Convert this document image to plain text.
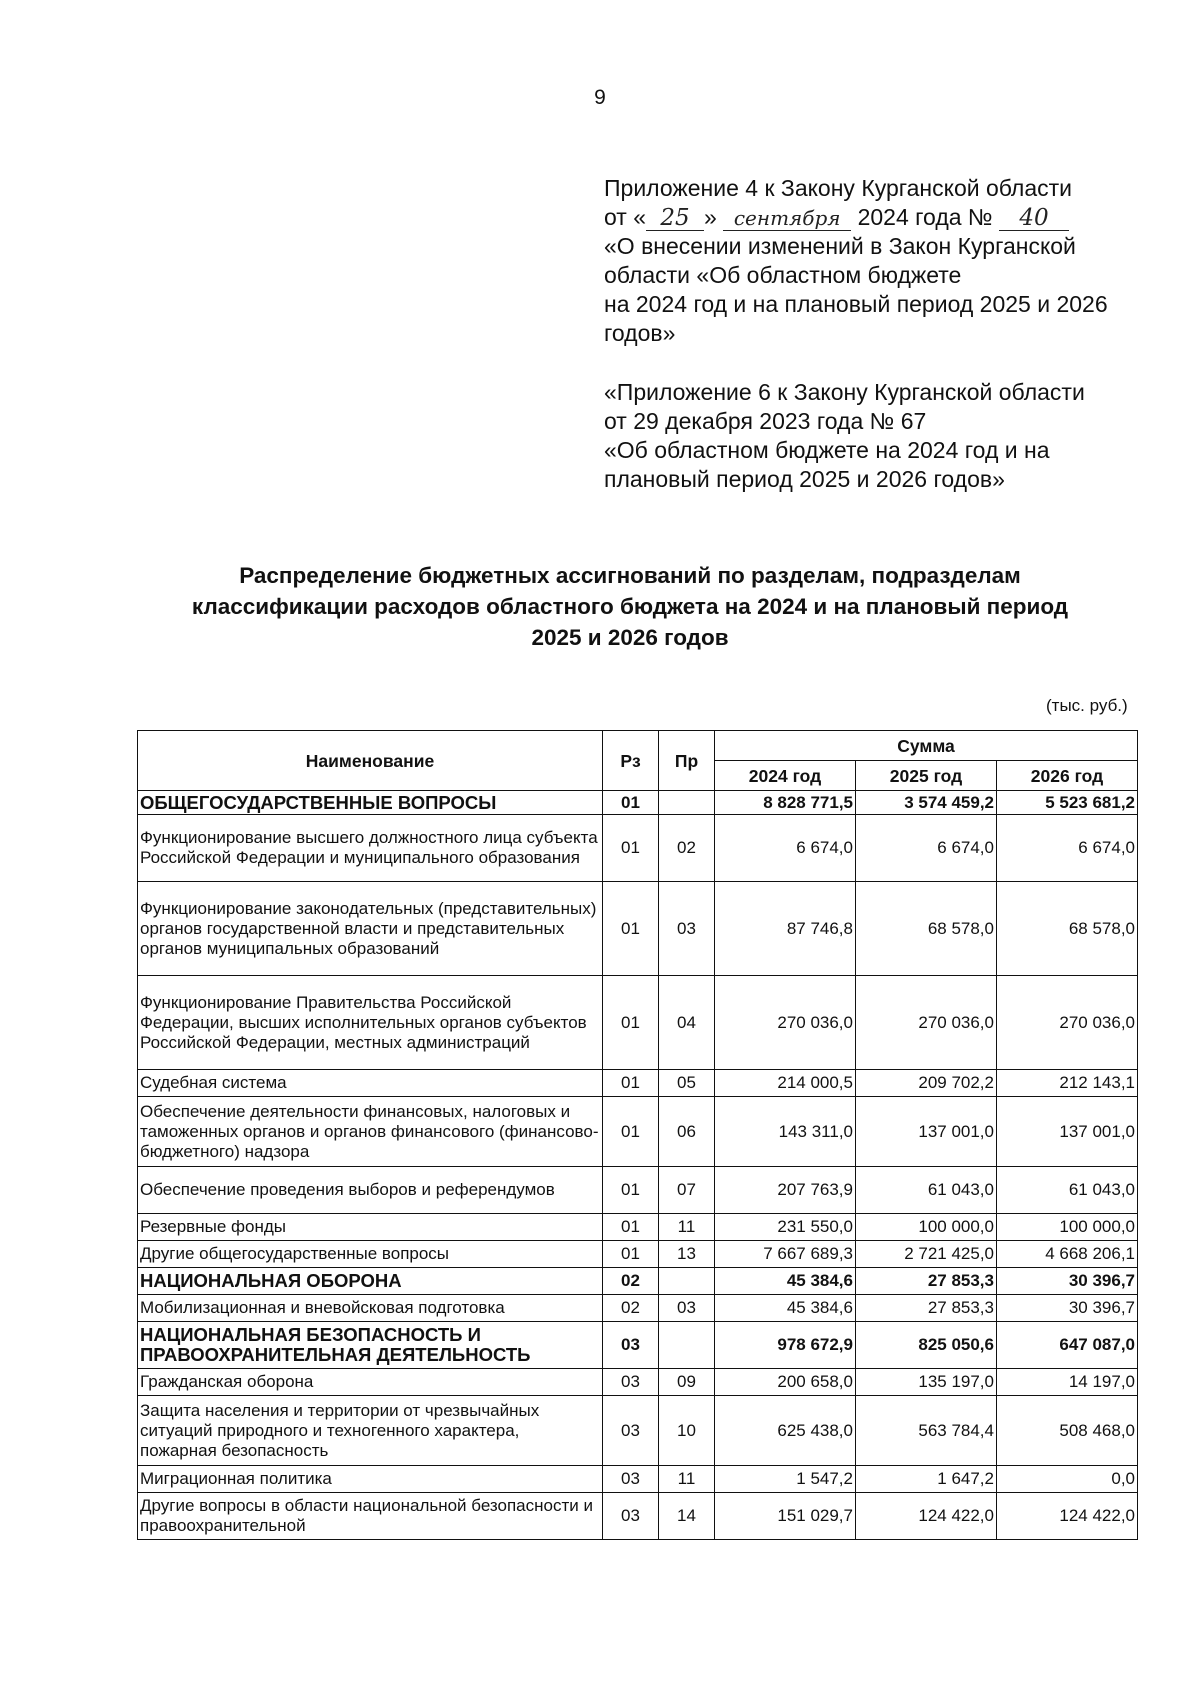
9

Приложение 4 к Закону Курганской области

от « 25 » сентября 2024 года № 40

«О внесении изменений в Закон Курганской

области «Об областном бюджете

на 2024 год и на плановый период 2025 и 2026

годов»

«Приложение 6 к Закону Курганской области

от 29 декабря 2023 года № 67

«Об областном бюджете на 2024 год и на

плановый период 2025 и 2026 годов»

Распределение бюджетных ассигнований по разделам, подразделам
классификации расходов областного бюджета на 2024 и на плановый период
2025 и 2026 годов
(тыс. руб.)
Наименование	Рз	Пр	Сумма		
			2024 год	2025 год	2026 год
ОБЩЕГОСУДАРСТВЕННЫЕ ВОПРОСЫ	01		8 828 771,5	3 574 459,2	5 523 681,2
Функционирование высшего должностного лица субъекта Российской Федерации и муниципального образования	01	02	6 674,0	6 674,0	6 674,0
Функционирование законодательных (представительных) органов государственной власти и представительных органов муниципальных образований	01	03	87 746,8	68 578,0	68 578,0
Функционирование Правительства Российской Федерации, высших исполнительных органов субъектов Российской Федерации, местных администраций	01	04	270 036,0	270 036,0	270 036,0
Судебная система	01	05	214 000,5	209 702,2	212 143,1
Обеспечение деятельности финансовых, налоговых и таможенных органов и органов финансового (финансово-бюджетного) надзора	01	06	143 311,0	137 001,0	137 001,0
Обеспечение проведения выборов и референдумов	01	07	207 763,9	61 043,0	61 043,0
Резервные фонды	01	11	231 550,0	100 000,0	100 000,0
Другие общегосударственные вопросы	01	13	7 667 689,3	2 721 425,0	4 668 206,1
НАЦИОНАЛЬНАЯ ОБОРОНА	02		45 384,6	27 853,3	30 396,7
Мобилизационная и вневойсковая подготовка	02	03	45 384,6	27 853,3	30 396,7
НАЦИОНАЛЬНАЯ БЕЗОПАСНОСТЬ И ПРАВООХРАНИТЕЛЬНАЯ ДЕЯТЕЛЬНОСТЬ	03		978 672,9	825 050,6	647 087,0
Гражданская оборона	03	09	200 658,0	135 197,0	14 197,0
Защита населения и территории от чрезвычайных ситуаций природного и техногенного характера, пожарная безопасность	03	10	625 438,0	563 784,4	508 468,0
Миграционная политика	03	11	1 547,2	1 647,2	0,0
Другие вопросы в области национальной безопасности и правоохранительной	03	14	151 029,7	124 422,0	124 422,0
